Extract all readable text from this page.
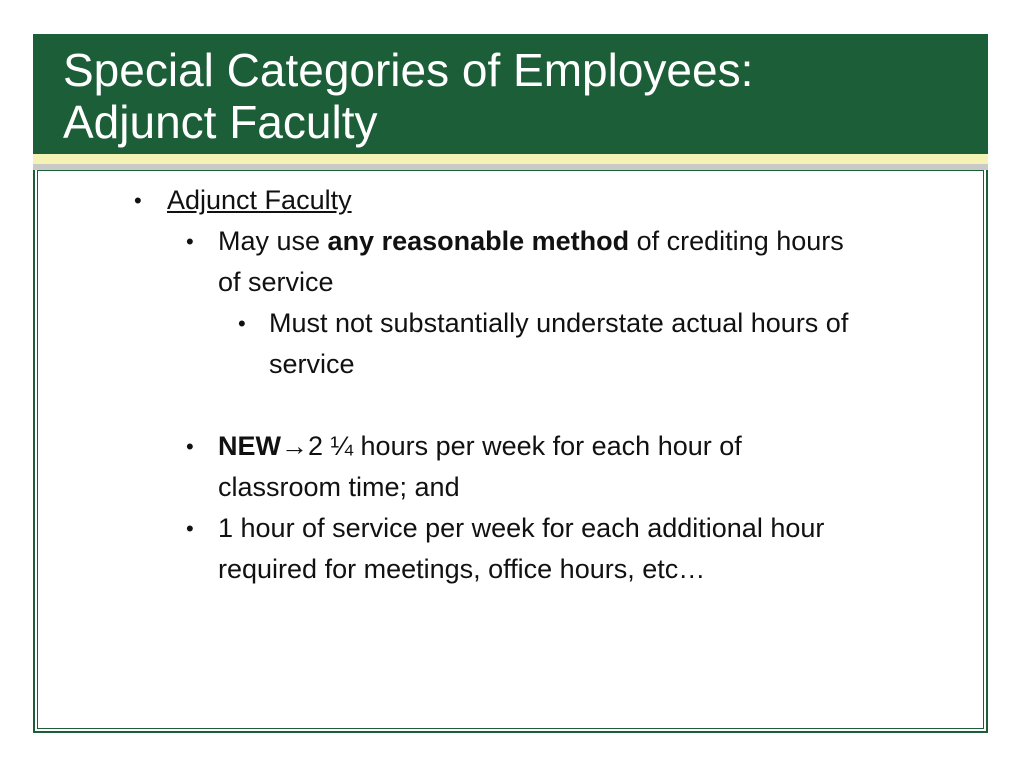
Special Categories of Employees:
Adjunct Faculty
• Adjunct Faculty
• May use any reasonable method of crediting hours of service
• Must not substantially understate actual hours of service
• NEW→2 ¼ hours per week for each hour of classroom time; and
• 1 hour of service per week for each additional hour required for meetings, office hours, etc…
